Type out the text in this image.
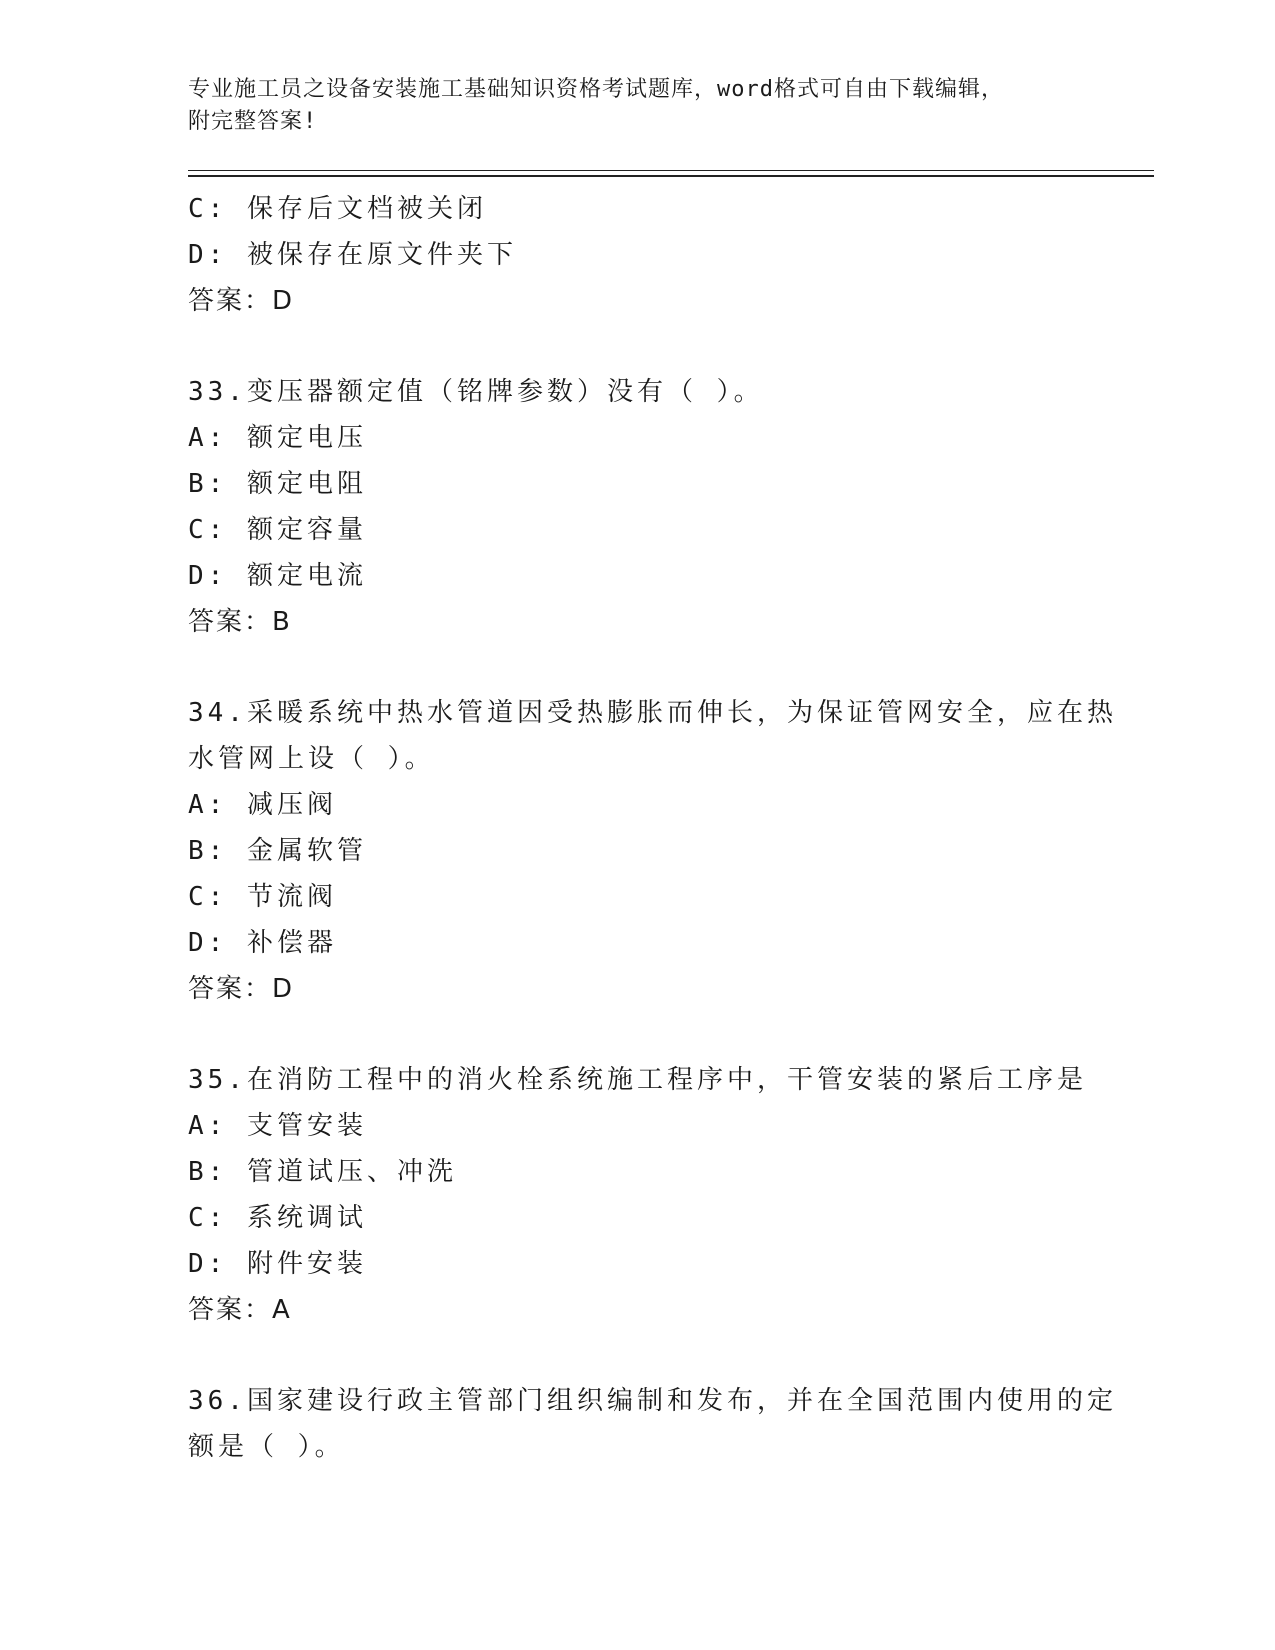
专业施工员之设备安装施工基础知识资格考试题库，word格式可自由下载编辑，
附完整答案!
C: 保存后文档被关闭
D: 被保存在原文件夹下
答案：D
33.变压器额定值（铭牌参数）没有（ ）。
A: 额定电压
B: 额定电阻
C: 额定容量
D: 额定电流
答案：B
34.采暖系统中热水管道因受热膨胀而伸长，为保证管网安全，应在热
水管网上设（ ）。
A: 减压阀
B: 金属软管
C: 节流阀
D: 补偿器
答案：D
35.在消防工程中的消火栓系统施工程序中，干管安装的紧后工序是
A: 支管安装
B: 管道试压、冲洗
C: 系统调试
D: 附件安装
答案：A
36.国家建设行政主管部门组织编制和发布，并在全国范围内使用的定
额是（ ）。
